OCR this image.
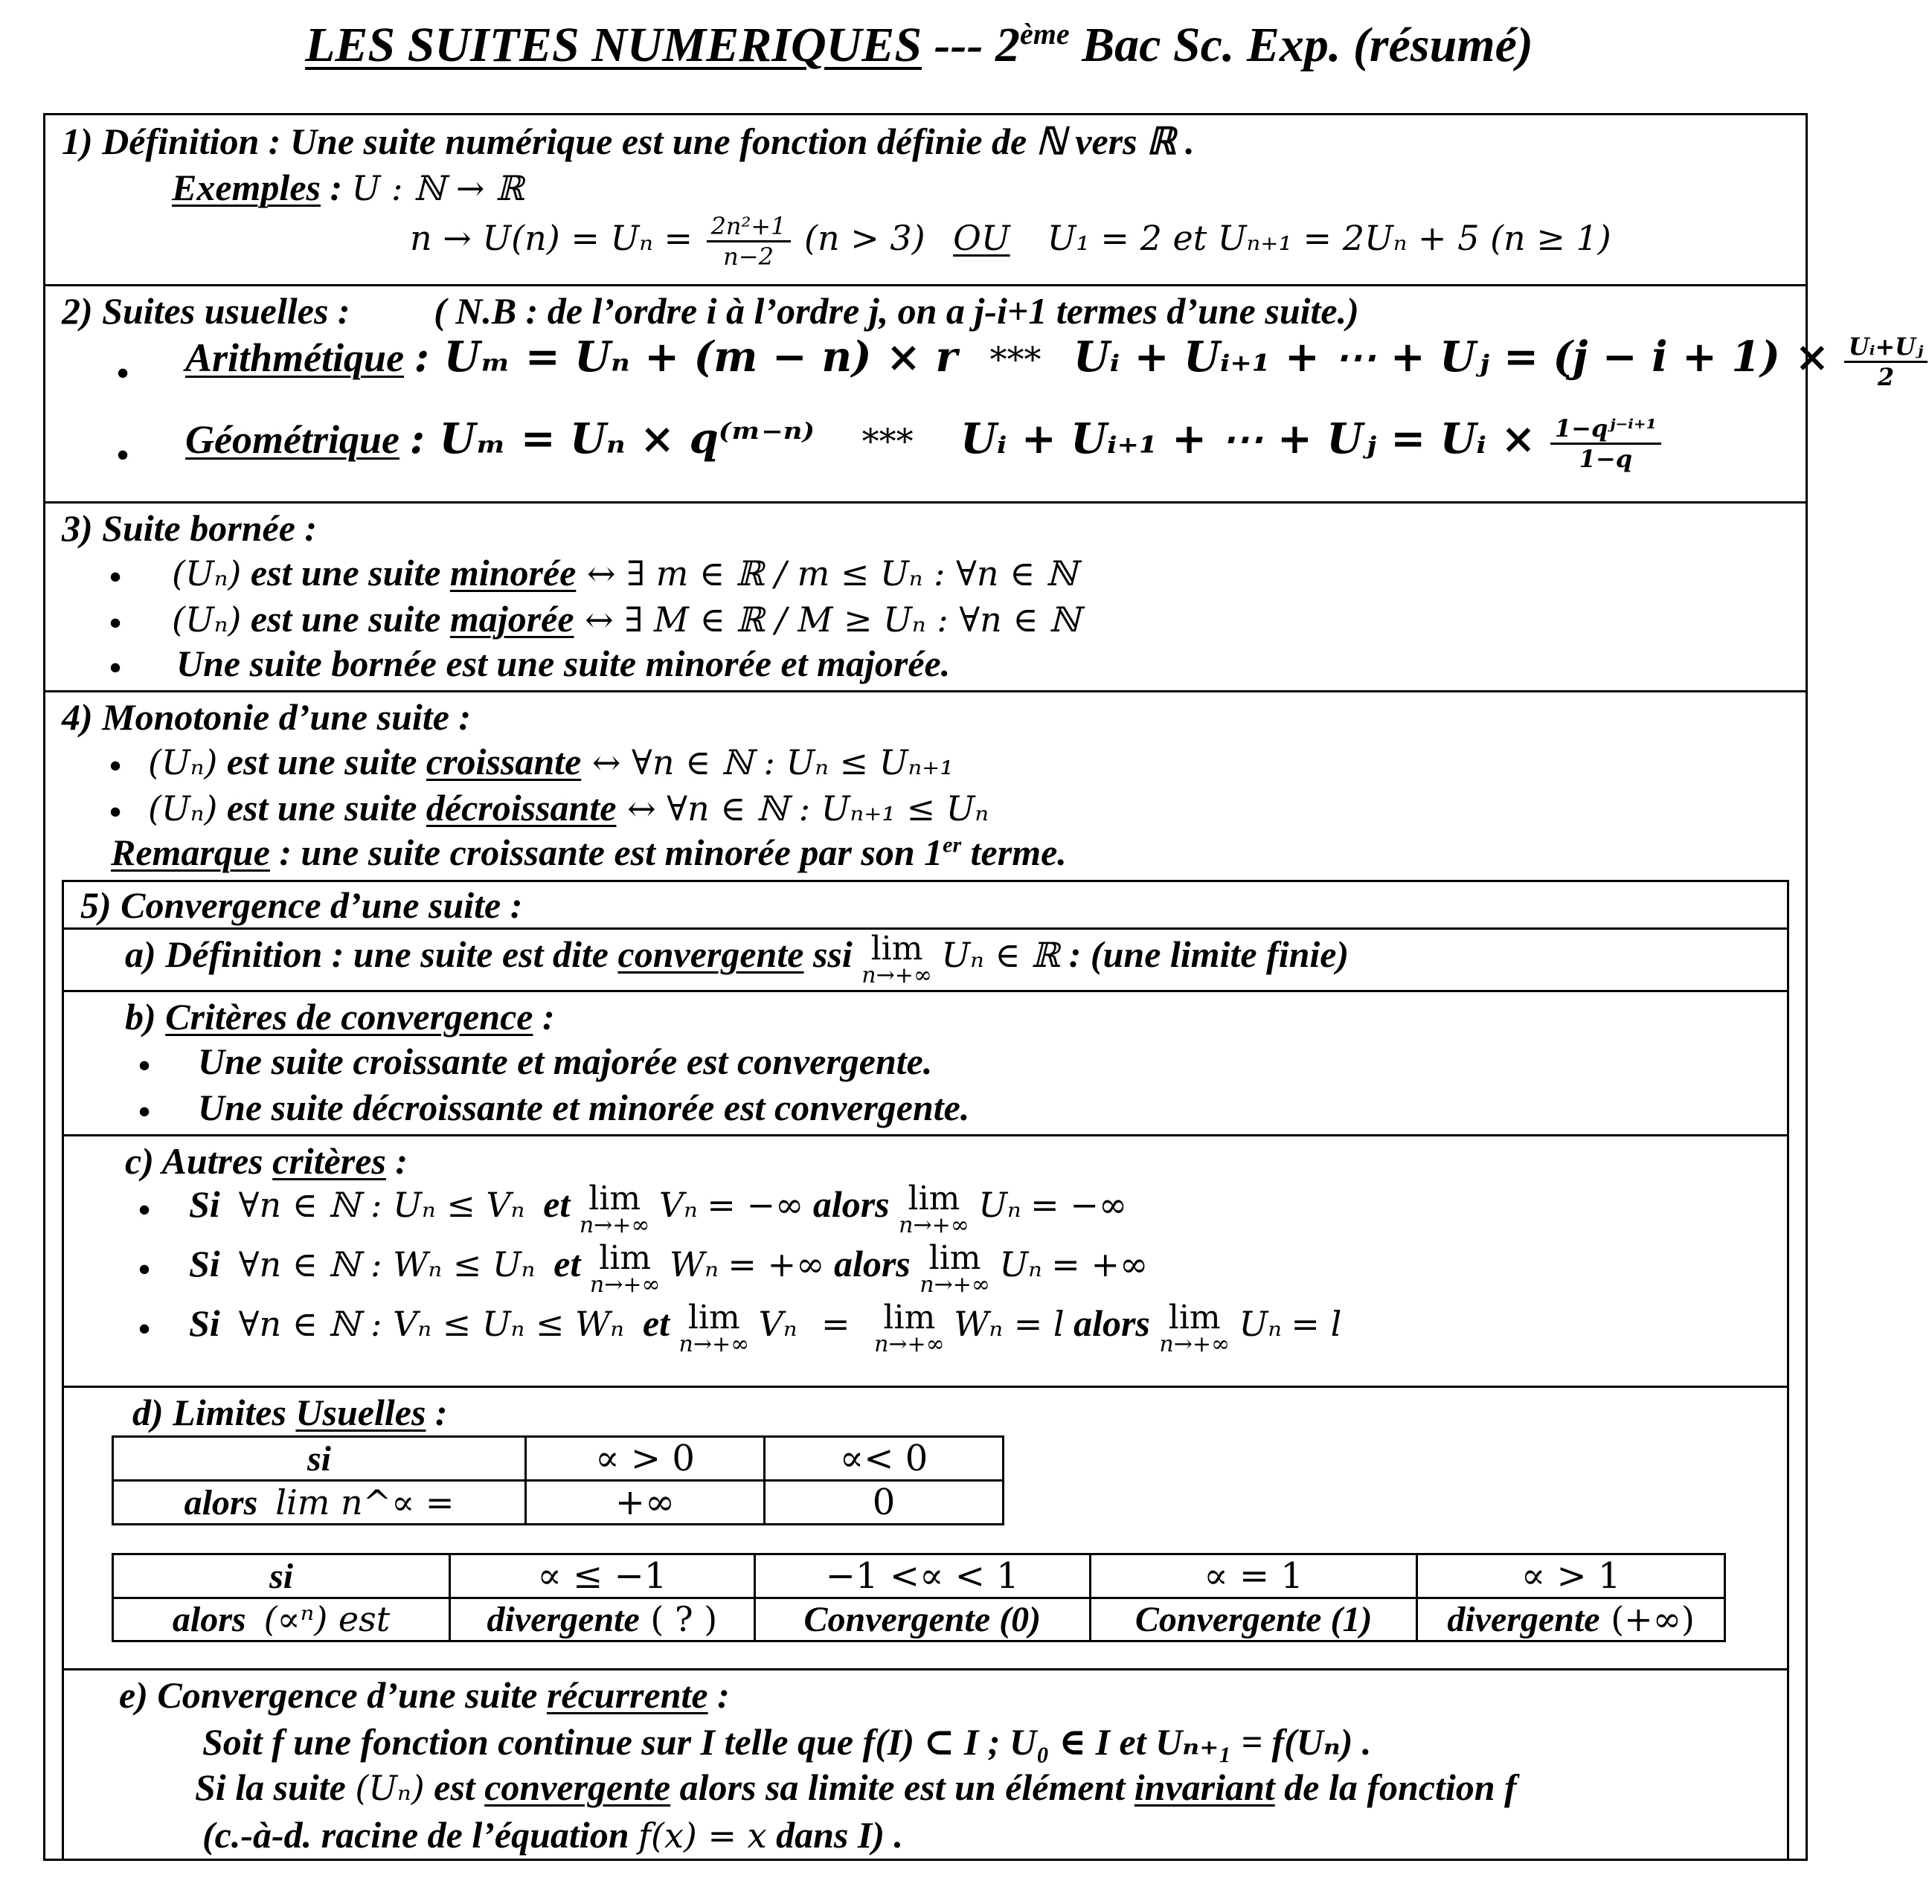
LES SUITES NUMERIQUES --- 2ème Bac Sc. Exp. (résumé)
1) Définition : Une suite numérique est une fonction définie de ℕ vers ℝ .
Exemples : U : ℕ → ℝ
$n \to U(n) = U_n = \frac{\text{2n²+1}}{n-2} (n > 3)$ OU U₁ = 2 et Uₙ₊₁ = 2Uₙ + 5 (n ≥ 1)
2) Suites usuelles : ( N.B : de l’ordre i à l’ordre j, on a j-i+1 termes d’une suite.)
• Arithmétique : Uₘ = Uₙ + (m − n) × r *** Uᵢ + Uᵢ₊₁ + ⋯ + Uⱼ = $(j - i + 1) \times \frac{\text{Uᵢ+Uⱼ}}{2}$
• Géométrique : Uₘ = Uₙ × q⁽ᵐ⁻ⁿ⁾ *** Uᵢ + Uᵢ₊₁ + ⋯ + Uⱼ = Uᵢ × $\frac{\text{1−qʲ⁻ⁱ⁺¹}}{1-q}$
3) Suite bornée :
• (Uₙ) est une suite minorée ↔ ∃ m ∈ ℝ / m ≤ Uₙ : ∀n ∈ ℕ
• (Uₙ) est une suite majorée ↔ ∃ M ∈ ℝ / M ≥ Uₙ : ∀n ∈ ℕ
• Une suite bornée est une suite minorée et majorée.
4) Monotonie d’une suite :
• (Uₙ) est une suite croissante ↔ ∀n ∈ ℕ : Uₙ ≤ Uₙ₊₁
• (Uₙ) est une suite décroissante ↔ ∀n ∈ ℕ : Uₙ₊₁ ≤ Uₙ
Remarque : une suite croissante est minorée par son 1er terme.
5) Convergence d’une suite :
a) Définition : une suite est dite convergente ssi lim
n→+∞
Uₙ ∈ ℝ : (une limite finie)
b) Critères de convergence :
• Une suite croissante et majorée est convergente.
• Une suite décroissante et minorée est convergente.
c) Autres critères :
• Si ∀n ∈ ℕ : Uₙ ≤ Vₙ et lim
n→+∞
Vₙ = −∞ alors lim
n→+∞
Uₙ = −∞
• Si ∀n ∈ ℕ : Wₙ ≤ Uₙ et lim
n→+∞
Wₙ = +∞ alors lim
n→+∞
Uₙ = +∞
• Si ∀n ∈ ℕ : Vₙ ≤ Uₙ ≤ Wₙ et lim
n→+∞
Vₙ = lim
n→+∞
Wₙ = l alors lim
n→+∞
Uₙ = l
d) Limites Usuelles :
si	∝ > 0	∝< 0
alors lim n^∝ =	+∞	0
si	∝ ≤ −1	−1 <∝ < 1	∝ = 1	∝ > 1
alors (∝ⁿ) est	divergente ( ? )	Convergente (0)	Convergente (1)	divergente (+∞)
e) Convergence d’une suite récurrente :
Soit f une fonction continue sur I telle que f(I) ⊂ I ; U₀ ∈ I et Uₙ₊₁ = f(Uₙ) .
Si la suite (Uₙ) est convergente alors sa limite est un élément invariant de la fonction f
(c.-à-d. racine de l’équation f(x) = x dans I) .
